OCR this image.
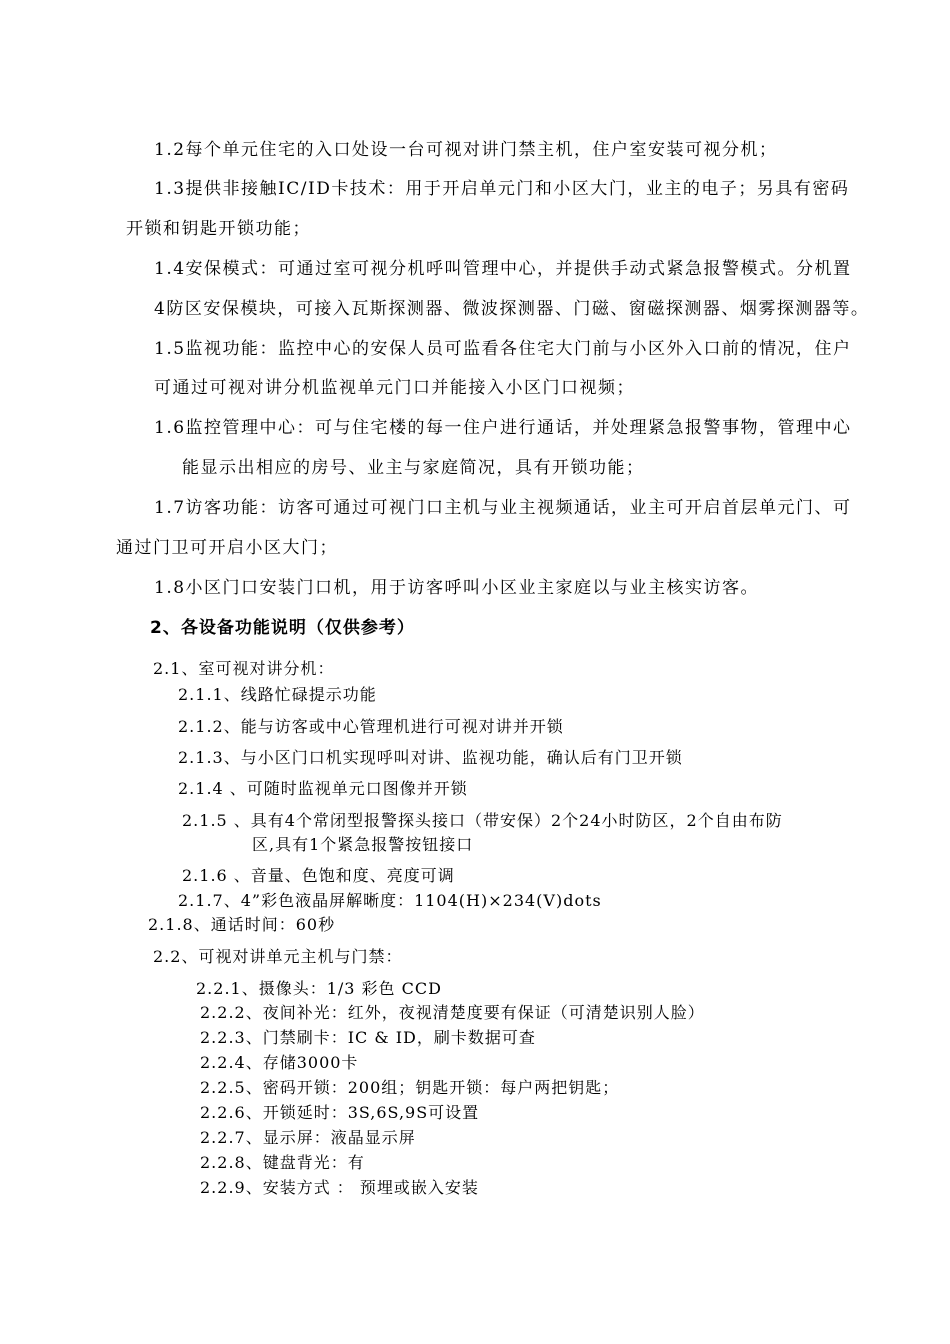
1.2每个单元住宅的入口处设一台可视对讲门禁主机，住户室安装可视分机；
1.3提供非接触IC/ID卡技术：用于开启单元门和小区大门，业主的电子；另具有密码
开锁和钥匙开锁功能；
1.4安保模式：可通过室可视分机呼叫管理中心，并提供手动式紧急报警模式。分机置
4防区安保模块，可接入瓦斯探测器、微波探测器、门磁、窗磁探测器、烟雾探测器等。
1.5监视功能：监控中心的安保人员可监看各住宅大门前与小区外入口前的情况，住户
可通过可视对讲分机监视单元门口并能接入小区门口视频；
1.6监控管理中心：可与住宅楼的每一住户进行通话，并处理紧急报警事物，管理中心
能显示出相应的房号、业主与家庭简况，具有开锁功能；
1.7访客功能：访客可通过可视门口主机与业主视频通话，业主可开启首层单元门、可
通过门卫可开启小区大门；
1.8小区门口安装门口机，用于访客呼叫小区业主家庭以与业主核实访客。
2、各设备功能说明（仅供参考）
2.1、室可视对讲分机：
2.1.1、线路忙碌提示功能
2.1.2、能与访客或中心管理机进行可视对讲并开锁
2.1.3、与小区门口机实现呼叫对讲、监视功能，确认后有门卫开锁
2.1.4 、可随时监视单元口图像并开锁
2.1.5 、具有4个常闭型报警探头接口（带安保）2个24小时防区，2个自由布防
区,具有1个紧急报警按钮接口
2.1.6 、音量、色饱和度、亮度可调
2.1.7、4”彩色液晶屏解晰度：1104(H)×234(V)dots
2.1.8、通话时间：60秒
2.2、可视对讲单元主机与门禁：
2.2.1、摄像头：1/3 彩色 CCD
2.2.2、夜间补光：红外，夜视清楚度要有保证（可清楚识别人脸）
2.2.3、门禁刷卡：IC & ID，刷卡数据可查
2.2.4、存储3000卡
2.2.5、密码开锁：200组；钥匙开锁：每户两把钥匙；
2.2.6、开锁延时：3S,6S,9S可设置
2.2.7、显示屏：液晶显示屏
2.2.8、键盘背光：有
2.2.9、安装方式 ： 预埋或嵌入安装
